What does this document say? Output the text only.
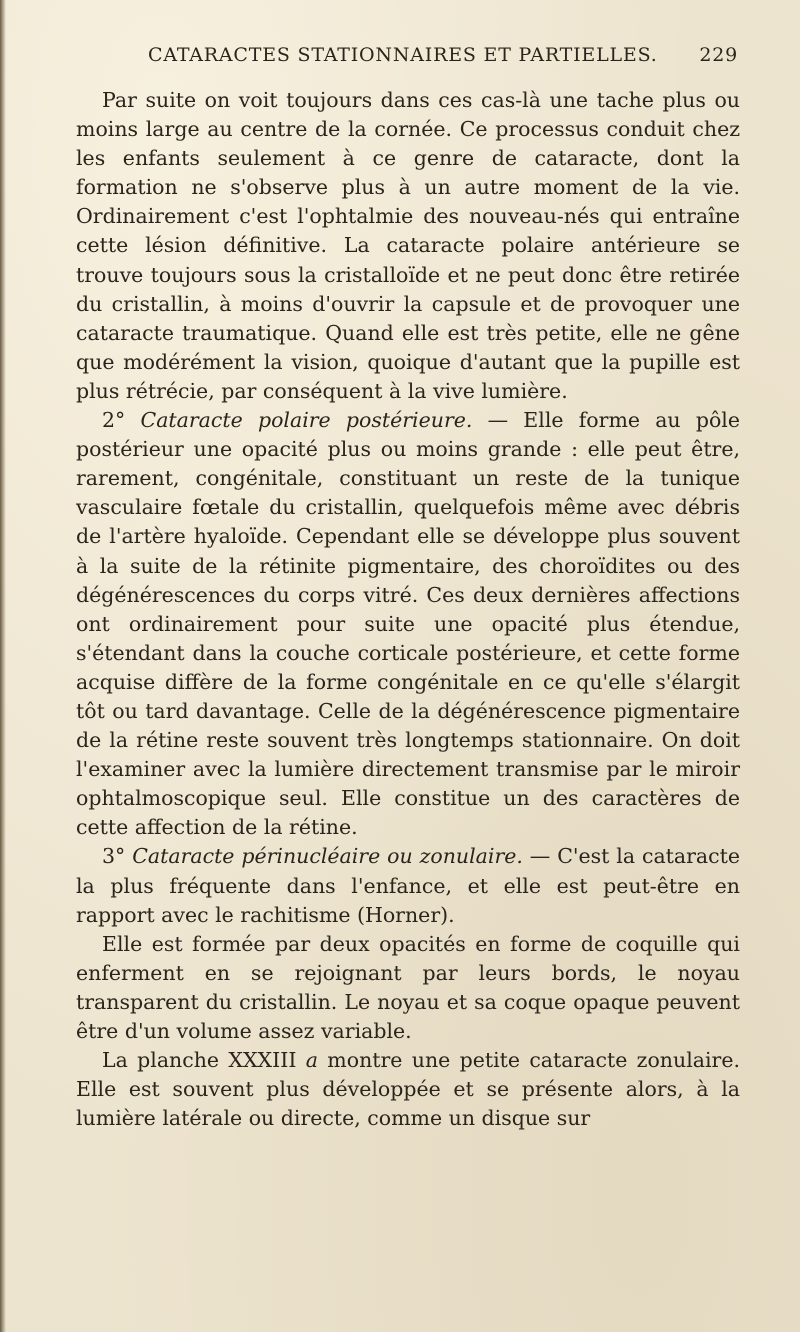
CATARACTES STATIONNAIRES ET PARTIELLES. 229

Par suite on voit toujours dans ces cas-là une tache plus ou moins large au centre de la cornée. Ce processus conduit chez les enfants seulement à ce genre de cataracte, dont la formation ne s'observe plus à un autre moment de la vie. Ordinairement c'est l'ophtalmie des nouveau-nés qui entraîne cette lésion définitive. La cataracte polaire antérieure se trouve toujours sous la cristalloïde et ne peut donc être retirée du cristallin, à moins d'ouvrir la capsule et de provoquer une cataracte traumatique. Quand elle est très petite, elle ne gêne que modérément la vision, quoique d'autant que la pupille est plus rétrécie, par conséquent à la vive lumière.

2° Cataracte polaire postérieure. — Elle forme au pôle postérieur une opacité plus ou moins grande : elle peut être, rarement, congénitale, constituant un reste de la tunique vasculaire fœtale du cristallin, quelquefois même avec débris de l'artère hyaloïde. Cependant elle se développe plus souvent à la suite de la rétinite pigmentaire, des choroïdites ou des dégénérescences du corps vitré. Ces deux dernières affections ont ordinairement pour suite une opacité plus étendue, s'étendant dans la couche corticale postérieure, et cette forme acquise diffère de la forme congénitale en ce qu'elle s'élargit tôt ou tard davantage. Celle de la dégénérescence pigmentaire de la rétine reste souvent très longtemps stationnaire. On doit l'examiner avec la lumière directement transmise par le miroir ophtalmoscopique seul. Elle constitue un des caractères de cette affection de la rétine.

3° Cataracte périnucléaire ou zonulaire. — C'est la cataracte la plus fréquente dans l'enfance, et elle est peut-être en rapport avec le rachitisme (Horner).

Elle est formée par deux opacités en forme de coquille qui enferment en se rejoignant par leurs bords, le noyau transparent du cristallin. Le noyau et sa coque opaque peuvent être d'un volume assez variable.

La planche XXXIII a montre une petite cataracte zonulaire. Elle est souvent plus développée et se présente alors, à la lumière latérale ou directe, comme un disque sur
